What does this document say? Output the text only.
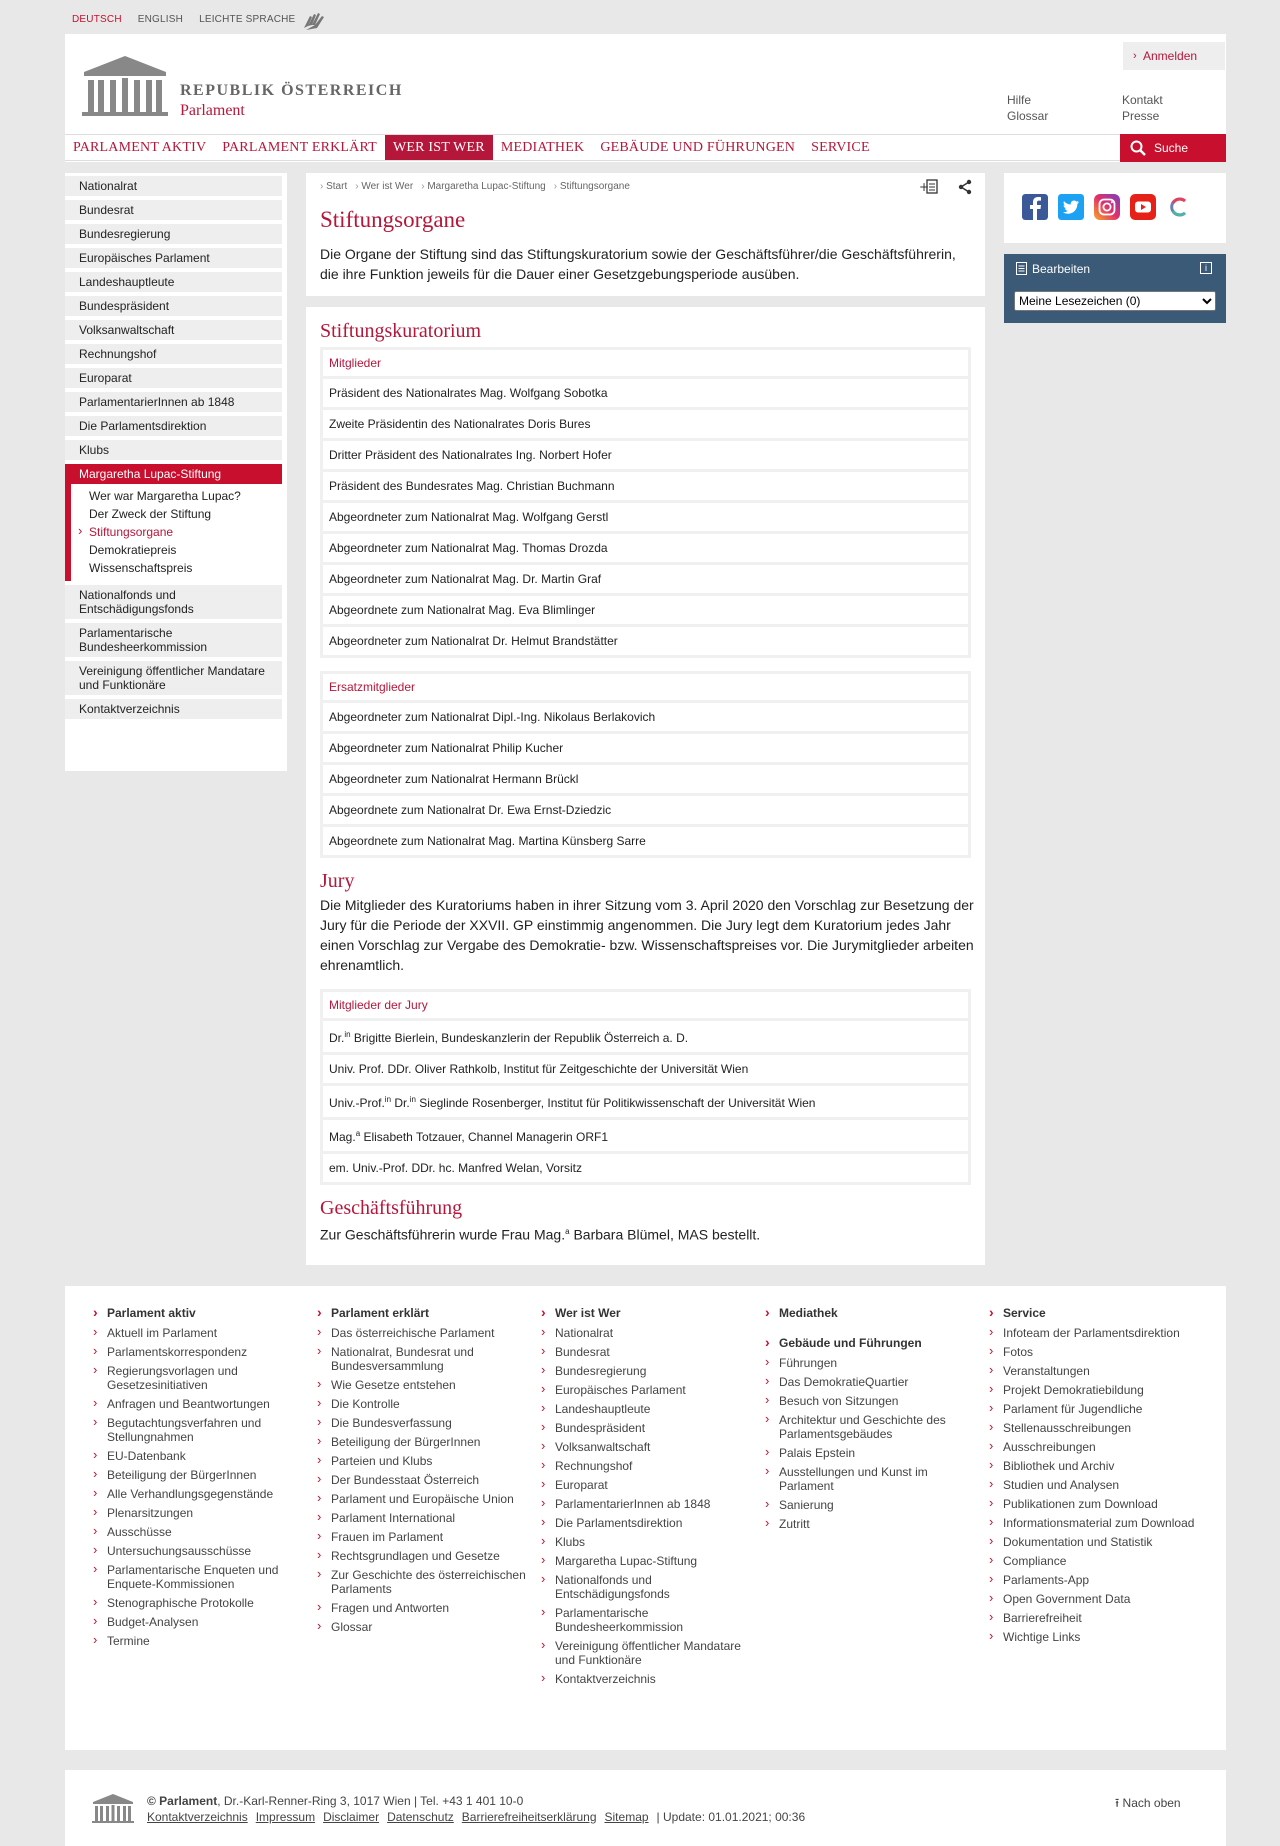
DEUTSCH ENGLISH LEICHTE SPRACHE
REPUBLIK ÖSTERREICH
Parlament
› Anmelden
Hilfe
Glossar
Kontakt
Presse
PARLAMENT AKTIV	PARLAMENT ERKLÄRT	WER IST WER	MEDIATHEK	GEBÄUDE UND FÜHRUNGEN	SERVICE	Suche
Nationalrat
Bundesrat
Bundesregierung
Europäisches Parlament
Landeshauptleute
Bundespräsident
Volksanwaltschaft
Rechnungshof
Europarat
ParlamentarierInnen ab 1848
Die Parlamentsdirektion
Klubs
Margaretha Lupac-Stiftung
Wer war Margaretha Lupac?
Der Zweck der Stiftung
› Stiftungsorgane
Demokratiepreis
Wissenschaftspreis
Nationalfonds und Entschädigungsfonds
Parlamentarische Bundesheerkommission
Vereinigung öffentlicher Mandatare und Funktionäre
Kontaktverzeichnis
› Start	› Wer ist Wer	› Margaretha Lupac-Stiftung	› Stiftungsorgane	+
Stiftungsorgane

Die Organe der Stiftung sind das Stiftungskuratorium sowie der Geschäftsführer/die Geschäftsführerin, die ihre Funktion jeweils für die Dauer einer Gesetzgebungsperiode ausüben.

Stiftungskuratorium
Mitglieder
Präsident des Nationalrates Mag. Wolfgang Sobotka
Zweite Präsidentin des Nationalrates Doris Bures
Dritter Präsident des Nationalrates Ing. Norbert Hofer
Präsident des Bundesrates Mag. Christian Buchmann
Abgeordneter zum Nationalrat Mag. Wolfgang Gerstl
Abgeordneter zum Nationalrat Mag. Thomas Drozda
Abgeordneter zum Nationalrat Mag. Dr. Martin Graf
Abgeordnete zum Nationalrat Mag. Eva Blimlinger
Abgeordneter zum Nationalrat Dr. Helmut Brandstätter
Ersatzmitglieder
Abgeordneter zum Nationalrat Dipl.-Ing. Nikolaus Berlakovich
Abgeordneter zum Nationalrat Philip Kucher
Abgeordneter zum Nationalrat Hermann Brückl
Abgeordnete zum Nationalrat Dr. Ewa Ernst-Dziedzic
Abgeordnete zum Nationalrat Mag. Martina Künsberg Sarre
Jury

Die Mitglieder des Kuratoriums haben in ihrer Sitzung vom 3. April 2020 den Vorschlag zur Besetzung der Jury für die Periode der XXVII. GP einstimmig angenommen. Die Jury legt dem Kuratorium jedes Jahr einen Vorschlag zur Vergabe des Demokratie- bzw. Wissenschaftspreises vor. Die Jurymitglieder arbeiten ehrenamtlich.

Mitglieder der Jury
Dr.$^{in}$ Brigitte Bierlein, Bundeskanzlerin der Republik Österreich a. D.
Univ. Prof. DDr. Oliver Rathkolb, Institut für Zeitgeschichte der Universität Wien
Univ.-Prof.$^{in}$ Dr.$^{in}$ Sieglinde Rosenberger, Institut für Politikwissenschaft der Universität Wien
Mag.$^a$ Elisabeth Totzauer, Channel Managerin ORF1
em. Univ.-Prof. DDr. hc. Manfred Welan, Vorsitz
Geschäftsführung

Zur Geschäftsführerin wurde Frau Mag.$^a$ Barbara Blümel, MAS bestellt.

Bearbeiten	i
Meine Lesezeichen (0)
› Parlament aktiv
› Aktuell im Parlament
› Parlamentskorrespondenz
› Regierungsvorlagen und Gesetzesinitiativen
› Anfragen und Beantwortungen
› Begutachtungsverfahren und Stellungnahmen
› EU-Datenbank
› Beteiligung der BürgerInnen
› Alle Verhandlungsgegenstände
› Plenarsitzungen
› Ausschüsse
› Untersuchungsausschüsse
› Parlamentarische Enqueten und Enquete-Kommissionen
› Stenographische Protokolle
› Budget-Analysen
› Termine
› Parlament erklärt
› Das österreichische Parlament
› Nationalrat, Bundesrat und Bundesversammlung
› Wie Gesetze entstehen
› Die Kontrolle
› Die Bundesverfassung
› Beteiligung der BürgerInnen
› Parteien und Klubs
› Der Bundesstaat Österreich
› Parlament und Europäische Union
› Parlament International
› Frauen im Parlament
› Rechtsgrundlagen und Gesetze
› Zur Geschichte des österreichischen Parlaments
› Fragen und Antworten
› Glossar
› Wer ist Wer
› Nationalrat
› Bundesrat
› Bundesregierung
› Europäisches Parlament
› Landeshauptleute
› Bundespräsident
› Volksanwaltschaft
› Rechnungshof
› Europarat
› ParlamentarierInnen ab 1848
› Die Parlamentsdirektion
› Klubs
› Margaretha Lupac-Stiftung
› Nationalfonds und Entschädigungsfonds
› Parlamentarische Bundesheerkommission
› Vereinigung öffentlicher Mandatare und Funktionäre
› Kontaktverzeichnis
› Mediathek
› Gebäude und Führungen
› Führungen
› Das DemokratieQuartier
› Besuch von Sitzungen
› Architektur und Geschichte des Parlamentsgebäudes
› Palais Epstein
› Ausstellungen und Kunst im Parlament
› Sanierung
› Zutritt
› Service
› Infoteam der Parlamentsdirektion
› Fotos
› Veranstaltungen
› Projekt Demokratiebildung
› Parlament für Jugendliche
› Stellenausschreibungen
› Ausschreibungen
› Bibliothek und Archiv
› Studien und Analysen
› Publikationen zum Download
› Informationsmaterial zum Download
› Dokumentation und Statistik
› Compliance
› Parlaments-App
› Open Government Data
› Barrierefreiheit
› Wichtige Links
© Parlament, Dr.-Karl-Renner-Ring 3, 1017 Wien | Tel. +43 1 401 10-0
Kontaktverzeichnis Impressum Disclaimer Datenschutz Barrierefreiheitserklärung Sitemap | Update: 01.01.2021; 00:36
⭱ Nach oben
